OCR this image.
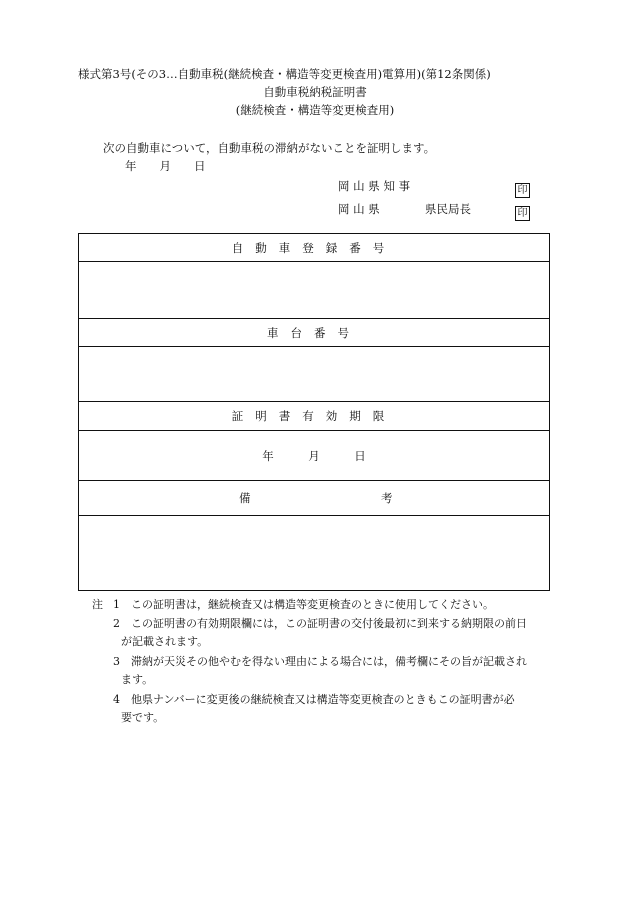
様式第3号(その3…自動車税(継続検査・構造等変更検査用)電算用)(第12条関係)
自動車税納税証明書
(継続検査・構造等変更検査用)
次の自動車について，自動車税の滞納がないことを証明します。
年　　月　　日
岡 山 県 知 事	印
岡 山 県	県民局長	印
自動車登録番号
車台番号
証明書有効期限
年　　　月　　　日
備	考
注 1 この証明書は，継続検査又は構造等変更検査のときに使用してください。
2 この証明書の有効期限欄には，この証明書の交付後最初に到来する納期限の前日
が記載されます。
3 滞納が天災その他やむを得ない理由による場合には，備考欄にその旨が記載され
ます。
4 他県ナンバーに変更後の継続検査又は構造等変更検査のときもこの証明書が必
要です。
